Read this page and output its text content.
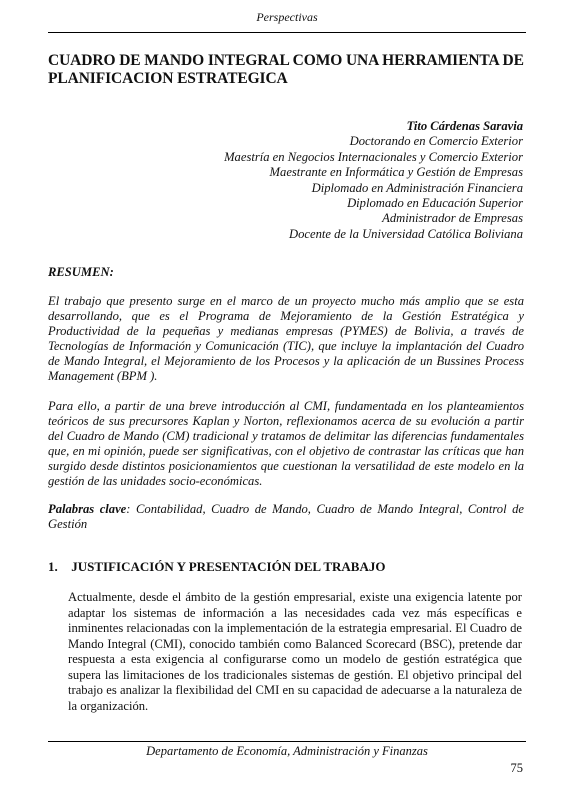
Perspectivas
CUADRO DE MANDO INTEGRAL COMO UNA HERRAMIENTA DE PLANIFICACION ESTRATEGICA
Tito Cárdenas Saravia
Doctorando en Comercio Exterior
Maestría en Negocios Internacionales y Comercio Exterior
Maestrante en Informática y Gestión de Empresas
Diplomado en Administración Financiera
Diplomado en Educación Superior
Administrador de Empresas
Docente de la Universidad Católica Boliviana
RESUMEN:

El trabajo que presento surge en el marco de un proyecto mucho más amplio que se esta desarrollando, que es el Programa de Mejoramiento de la Gestión Estratégica y Productividad de la pequeñas y medianas empresas (PYMES) de Bolivia, a través de Tecnologías de Información y Comunicación (TIC), que incluye la implantación del Cuadro de Mando Integral, el Mejoramiento de los Procesos y la aplicación de un Bussines Process Management (BPM ).

Para ello, a partir de una breve introducción al CMI, fundamentada en los planteamientos teóricos de sus precursores Kaplan y Norton, reflexionamos acerca de su evolución a partir del Cuadro de Mando (CM) tradicional y tratamos de delimitar las diferencias fundamentales que, en mi opinión, puede ser significativas, con el objetivo de contrastar las críticas que han surgido desde distintos posicionamientos que cuestionan la versatilidad de este modelo en la gestión de las unidades socio-económicas.

Palabras clave: Contabilidad, Cuadro de Mando, Cuadro de Mando Integral, Control de Gestión

1. JUSTIFICACIÓN Y PRESENTACIÓN DEL TRABAJO

Actualmente, desde el ámbito de la gestión empresarial, existe una exigencia latente por adaptar los sistemas de información a las necesidades cada vez más específicas e inminentes relacionadas con la implementación de la estrategia empresarial. El Cuadro de Mando Integral (CMI), conocido también como Balanced Scorecard (BSC), pretende dar respuesta a esta exigencia al configurarse como un modelo de gestión estratégica que supera las limitaciones de los tradicionales sistemas de gestión. El objetivo principal del trabajo es analizar la flexibilidad del CMI en su capacidad de adecuarse a la naturaleza de la organización.

Departamento de Economía, Administración y Finanzas
75
